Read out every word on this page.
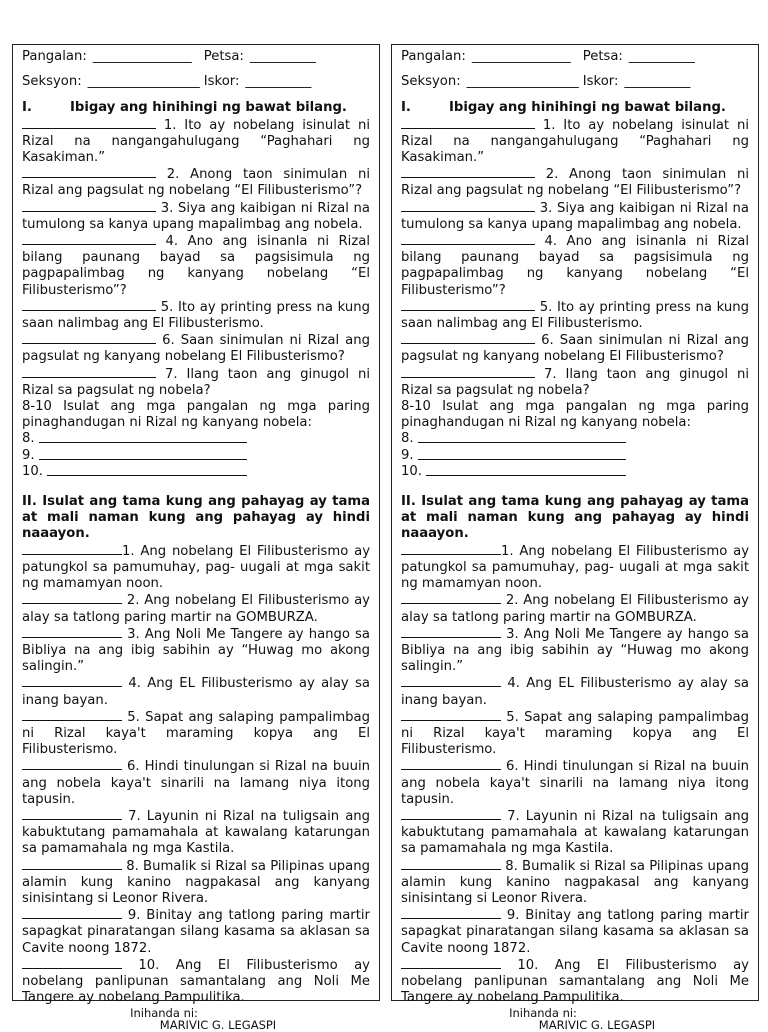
Pangalan: _______________ Petsa: __________
Seksyon: _________________ Iskor: __________
I.	Ibigay ang hinihingi ng bawat bilang.
1. Ito ay nobelang isinulat ni Rizal na nangangahulugang “Paghahari ng Kasakiman.”
2. Anong taon sinimulan ni Rizal ang pagsulat ng nobelang “El Filibusterismo”?
3. Siya ang kaibigan ni Rizal na tumulong sa kanya upang mapalimbag ang nobela.
4. Ano ang isinanla ni Rizal bilang paunang bayad sa pagsisimula ng pagpapalimbag ng kanyang nobelang “El Filibusterismo”?
5. Ito ay printing press na kung saan nalimbag ang El Filibusterismo.
6. Saan sinimulan ni Rizal ang pagsulat ng kanyang nobelang El Filibusterismo?
7. Ilang taon ang ginugol ni Rizal sa pagsulat ng nobela?
8-10 Isulat ang mga pangalan ng mga paring pinaghandugan ni Rizal ng kanyang nobela:
8.
9.
10.
II. Isulat ang tama kung ang pahayag ay tama at mali naman kung ang pahayag ay hindi naaayon.
1. Ang nobelang El Filibusterismo ay patungkol sa pamumuhay, pag- uugali at mga sakit ng mamamyan noon.
2. Ang nobelang El Filibusterismo ay alay sa tatlong paring martir na GOMBURZA.
3. Ang Noli Me Tangere ay hango sa Bibliya na ang ibig sabihin ay “Huwag mo akong salingin.”
4. Ang EL Filibusterismo ay alay sa inang bayan.
5. Sapat ang salaping pampalimbag ni Rizal kaya't maraming kopya ang El Filibusterismo.
6. Hindi tinulungan si Rizal na buuin ang nobela kaya't sinarili na lamang niya itong tapusin.
7. Layunin ni Rizal na tuligsain ang kabuktutang pamamahala at kawalang katarungan sa pamamahala ng mga Kastila.
8. Bumalik si Rizal sa Pilipinas upang alamin kung kanino nagpakasal ang kanyang sinisintang si Leonor Rivera.
9. Binitay ang tatlong paring martir sapagkat pinaratangan silang kasama sa aklasan sa Cavite noong 1872.
10. Ang El Filibusterismo ay nobelang panlipunan samantalang ang Noli Me Tangere ay nobelang Pampulitika.
Inihanda ni:
MARIVIC G. LEGASPI
Pangalan: _______________ Petsa: __________
Seksyon: _________________ Iskor: __________
I.	Ibigay ang hinihingi ng bawat bilang.
1. Ito ay nobelang isinulat ni Rizal na nangangahulugang “Paghahari ng Kasakiman.”
2. Anong taon sinimulan ni Rizal ang pagsulat ng nobelang “El Filibusterismo”?
3. Siya ang kaibigan ni Rizal na tumulong sa kanya upang mapalimbag ang nobela.
4. Ano ang isinanla ni Rizal bilang paunang bayad sa pagsisimula ng pagpapalimbag ng kanyang nobelang “El Filibusterismo”?
5. Ito ay printing press na kung saan nalimbag ang El Filibusterismo.
6. Saan sinimulan ni Rizal ang pagsulat ng kanyang nobelang El Filibusterismo?
7. Ilang taon ang ginugol ni Rizal sa pagsulat ng nobela?
8-10 Isulat ang mga pangalan ng mga paring pinaghandugan ni Rizal ng kanyang nobela:
8.
9.
10.
II. Isulat ang tama kung ang pahayag ay tama at mali naman kung ang pahayag ay hindi naaayon.
1. Ang nobelang El Filibusterismo ay patungkol sa pamumuhay, pag- uugali at mga sakit ng mamamyan noon.
2. Ang nobelang El Filibusterismo ay alay sa tatlong paring martir na GOMBURZA.
3. Ang Noli Me Tangere ay hango sa Bibliya na ang ibig sabihin ay “Huwag mo akong salingin.”
4. Ang EL Filibusterismo ay alay sa inang bayan.
5. Sapat ang salaping pampalimbag ni Rizal kaya't maraming kopya ang El Filibusterismo.
6. Hindi tinulungan si Rizal na buuin ang nobela kaya't sinarili na lamang niya itong tapusin.
7. Layunin ni Rizal na tuligsain ang kabuktutang pamamahala at kawalang katarungan sa pamamahala ng mga Kastila.
8. Bumalik si Rizal sa Pilipinas upang alamin kung kanino nagpakasal ang kanyang sinisintang si Leonor Rivera.
9. Binitay ang tatlong paring martir sapagkat pinaratangan silang kasama sa aklasan sa Cavite noong 1872.
10. Ang El Filibusterismo ay nobelang panlipunan samantalang ang Noli Me Tangere ay nobelang Pampulitika.
Inihanda ni:
MARIVIC G. LEGASPI
